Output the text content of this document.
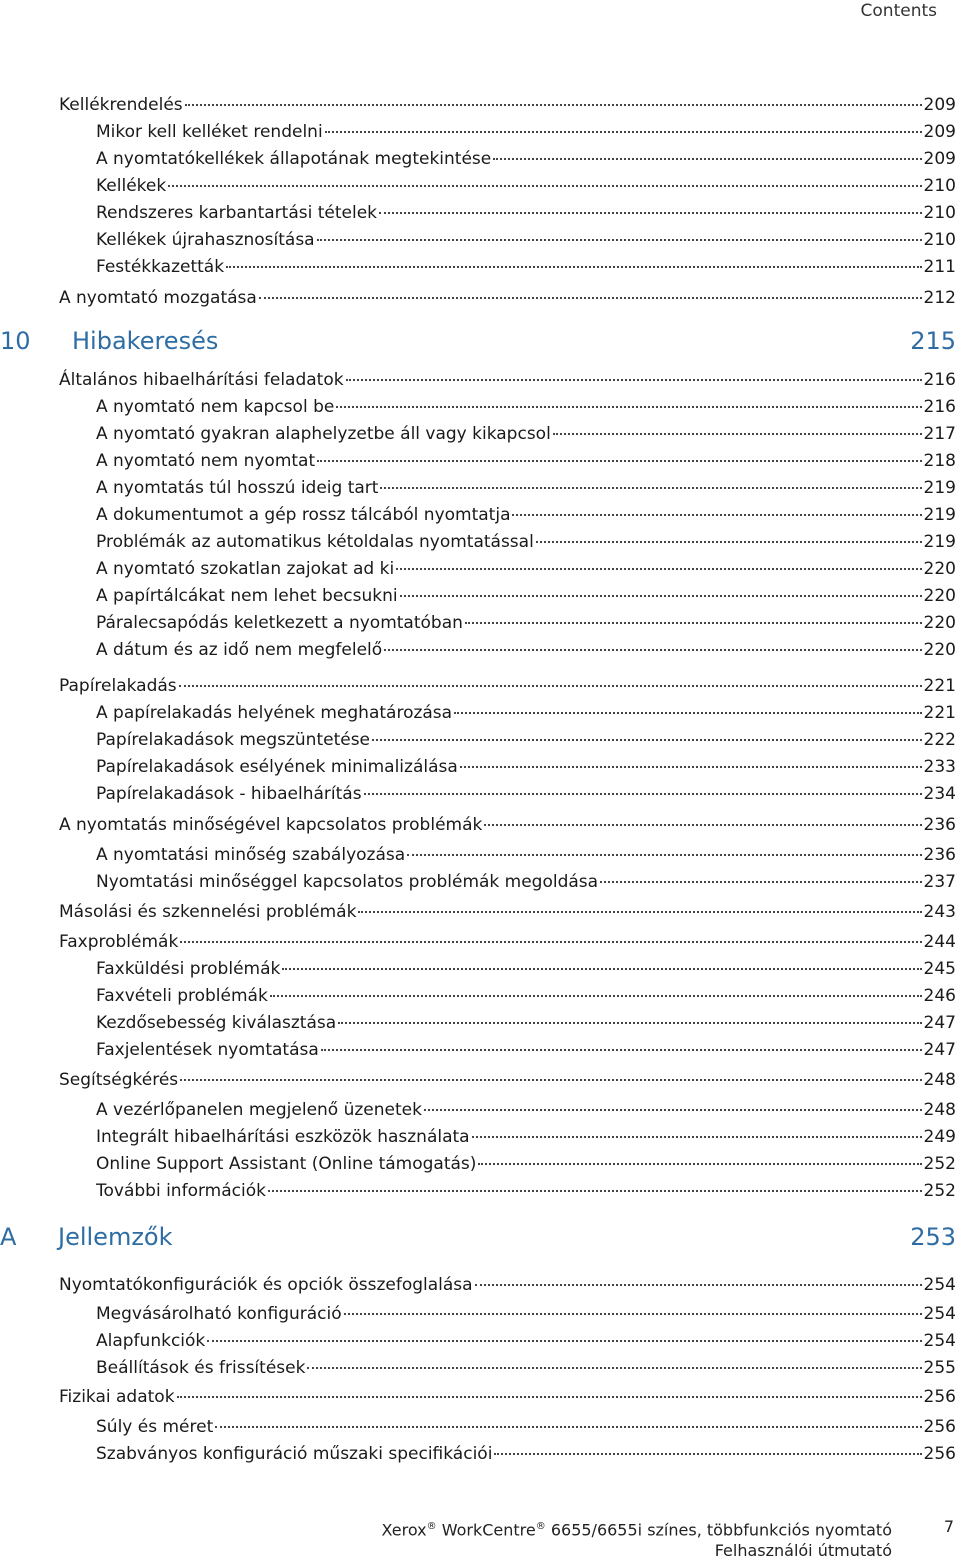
Contents
Kellékrendelés	209
Mikor kell kelléket rendelni	209
A nyomtatókellékek állapotának megtekintése	209
Kellékek	210
Rendszeres karbantartási tételek	210
Kellékek újrahasznosítása	210
Festékkazetták	211
A nyomtató mozgatása	212
10	Hibakeresés	215
Általános hibaelhárítási feladatok	216
A nyomtató nem kapcsol be	216
A nyomtató gyakran alaphelyzetbe áll vagy kikapcsol	217
A nyomtató nem nyomtat	218
A nyomtatás túl hosszú ideig tart	219
A dokumentumot a gép rossz tálcából nyomtatja	219
Problémák az automatikus kétoldalas nyomtatással	219
A nyomtató szokatlan zajokat ad ki	220
A papírtálcákat nem lehet becsukni	220
Páralecsapódás keletkezett a nyomtatóban	220
A dátum és az idő nem megfelelő	220
Papírelakadás	221
A papírelakadás helyének meghatározása	221
Papírelakadások megszüntetése	222
Papírelakadások esélyének minimalizálása	233
Papírelakadások - hibaelhárítás	234
A nyomtatás minőségével kapcsolatos problémák	236
A nyomtatási minőség szabályozása	236
Nyomtatási minőséggel kapcsolatos problémák megoldása	237
Másolási és szkennelési problémák	243
Faxproblémák	244
Faxküldési problémák	245
Faxvételi problémák	246
Kezdősebesség kiválasztása	247
Faxjelentések nyomtatása	247
Segítségkérés	248
A vezérlőpanelen megjelenő üzenetek	248
Integrált hibaelhárítási eszközök használata	249
Online Support Assistant (Online támogatás)	252
További információk	252
A	Jellemzők	253
Nyomtatókonfigurációk és opciók összefoglalása	254
Megvásárolható konfiguráció	254
Alapfunkciók	254
Beállítások és frissítések	255
Fizikai adatok	256
Súly és méret	256
Szabványos konfiguráció műszaki specifikációi	256
Xerox® WorkCentre® 6655/6655i színes, többfunkciós nyomtató
Felhasználói útmutató
7
